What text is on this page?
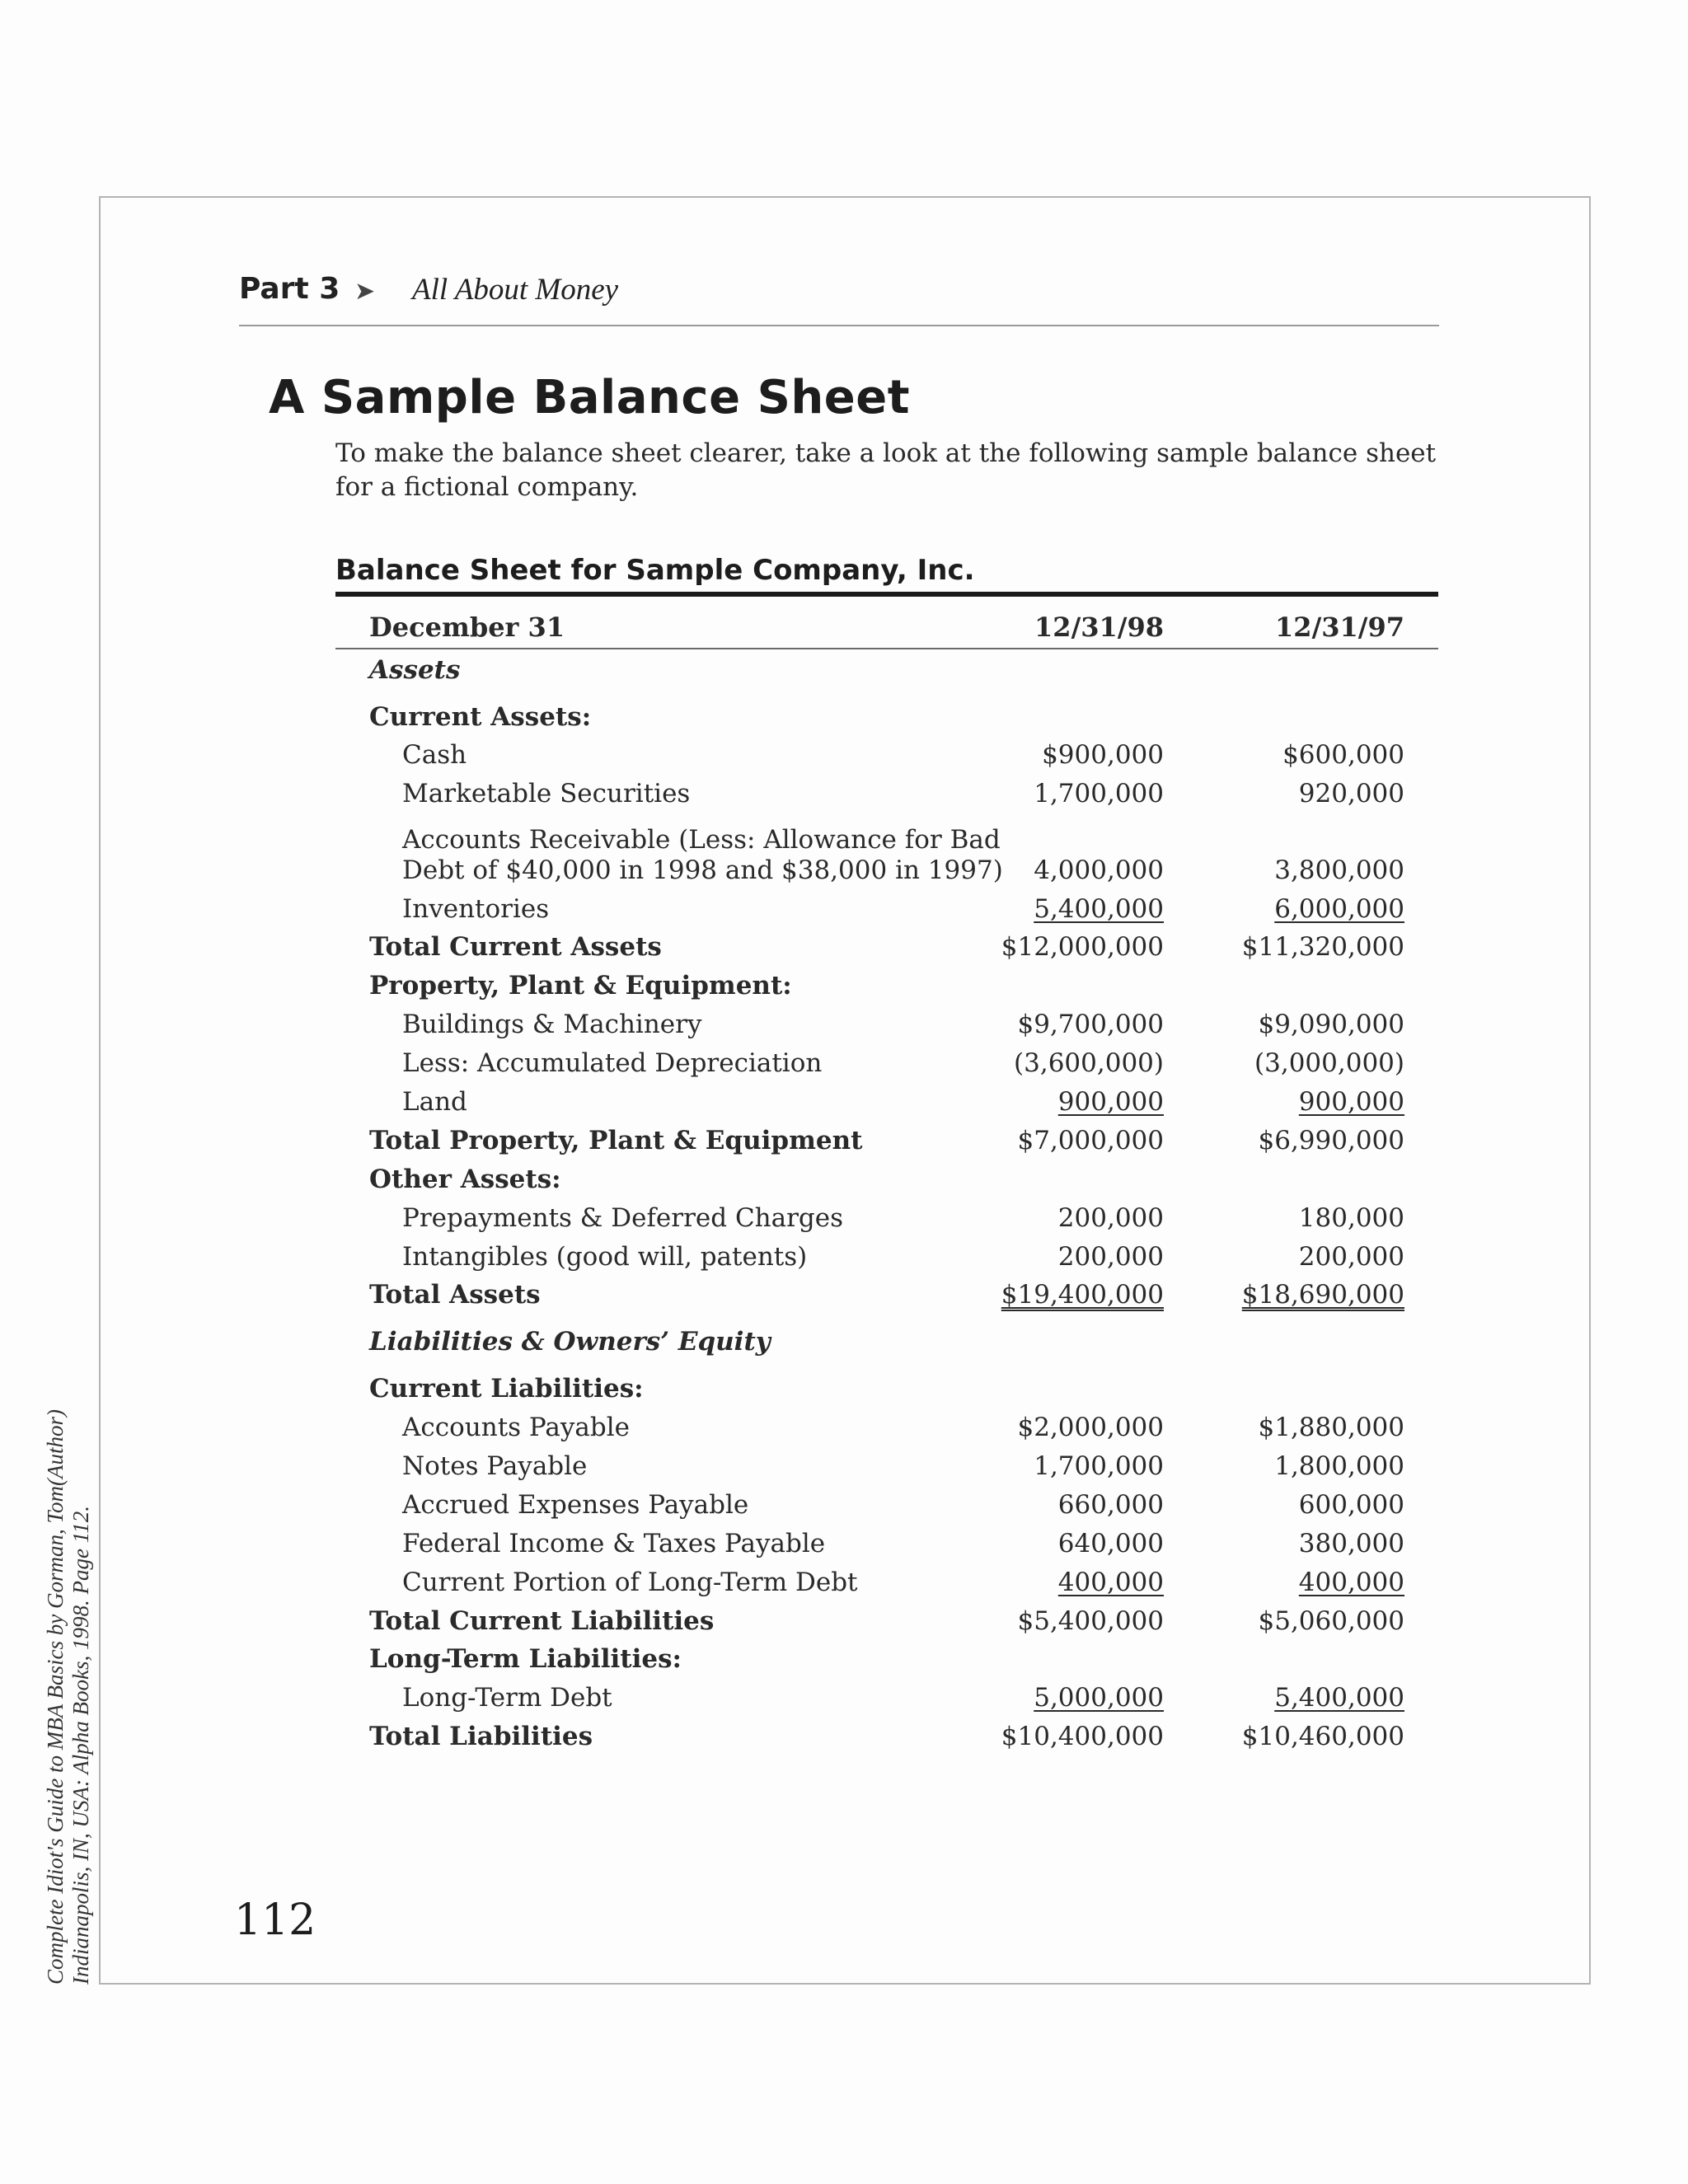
Part 3 ➤ All About Money
A Sample Balance Sheet

To make the balance sheet clearer, take a look at the following sample balance sheet for a fictional company.

Balance Sheet for Sample Company, Inc.
December 31	12/31/98	12/31/97
Assets
Current Assets:
Cash	$900,000	$600,000
Marketable Securities	1,700,000	920,000
Accounts Receivable (Less: Allowance for Bad
Debt of $40,000 in 1998 and $38,000 in 1997)	4,000,000	3,800,000
Inventories	5,400,000	6,000,000
Total Current Assets	$12,000,000	$11,320,000
Property, Plant & Equipment:
Buildings & Machinery	$9,700,000	$9,090,000
Less: Accumulated Depreciation	(3,600,000)	(3,000,000)
Land	900,000	900,000
Total Property, Plant & Equipment	$7,000,000	$6,990,000
Other Assets:
Prepayments & Deferred Charges	200,000	180,000
Intangibles (good will, patents)	200,000	200,000
Total Assets	$19,400,000	$18,690,000
Liabilities & Owners’ Equity
Current Liabilities:
Accounts Payable	$2,000,000	$1,880,000
Notes Payable	1,700,000	1,800,000
Accrued Expenses Payable	660,000	600,000
Federal Income & Taxes Payable	640,000	380,000
Current Portion of Long-Term Debt	400,000	400,000
Total Current Liabilities	$5,400,000	$5,060,000
Long-Term Liabilities:
Long-Term Debt	5,000,000	5,400,000
Total Liabilities	$10,400,000	$10,460,000
112
Complete Idiot's Guide to MBA Basics by Gorman, Tom(Author) Indianapolis, IN, USA: Alpha Books, 1998. Page 112.
